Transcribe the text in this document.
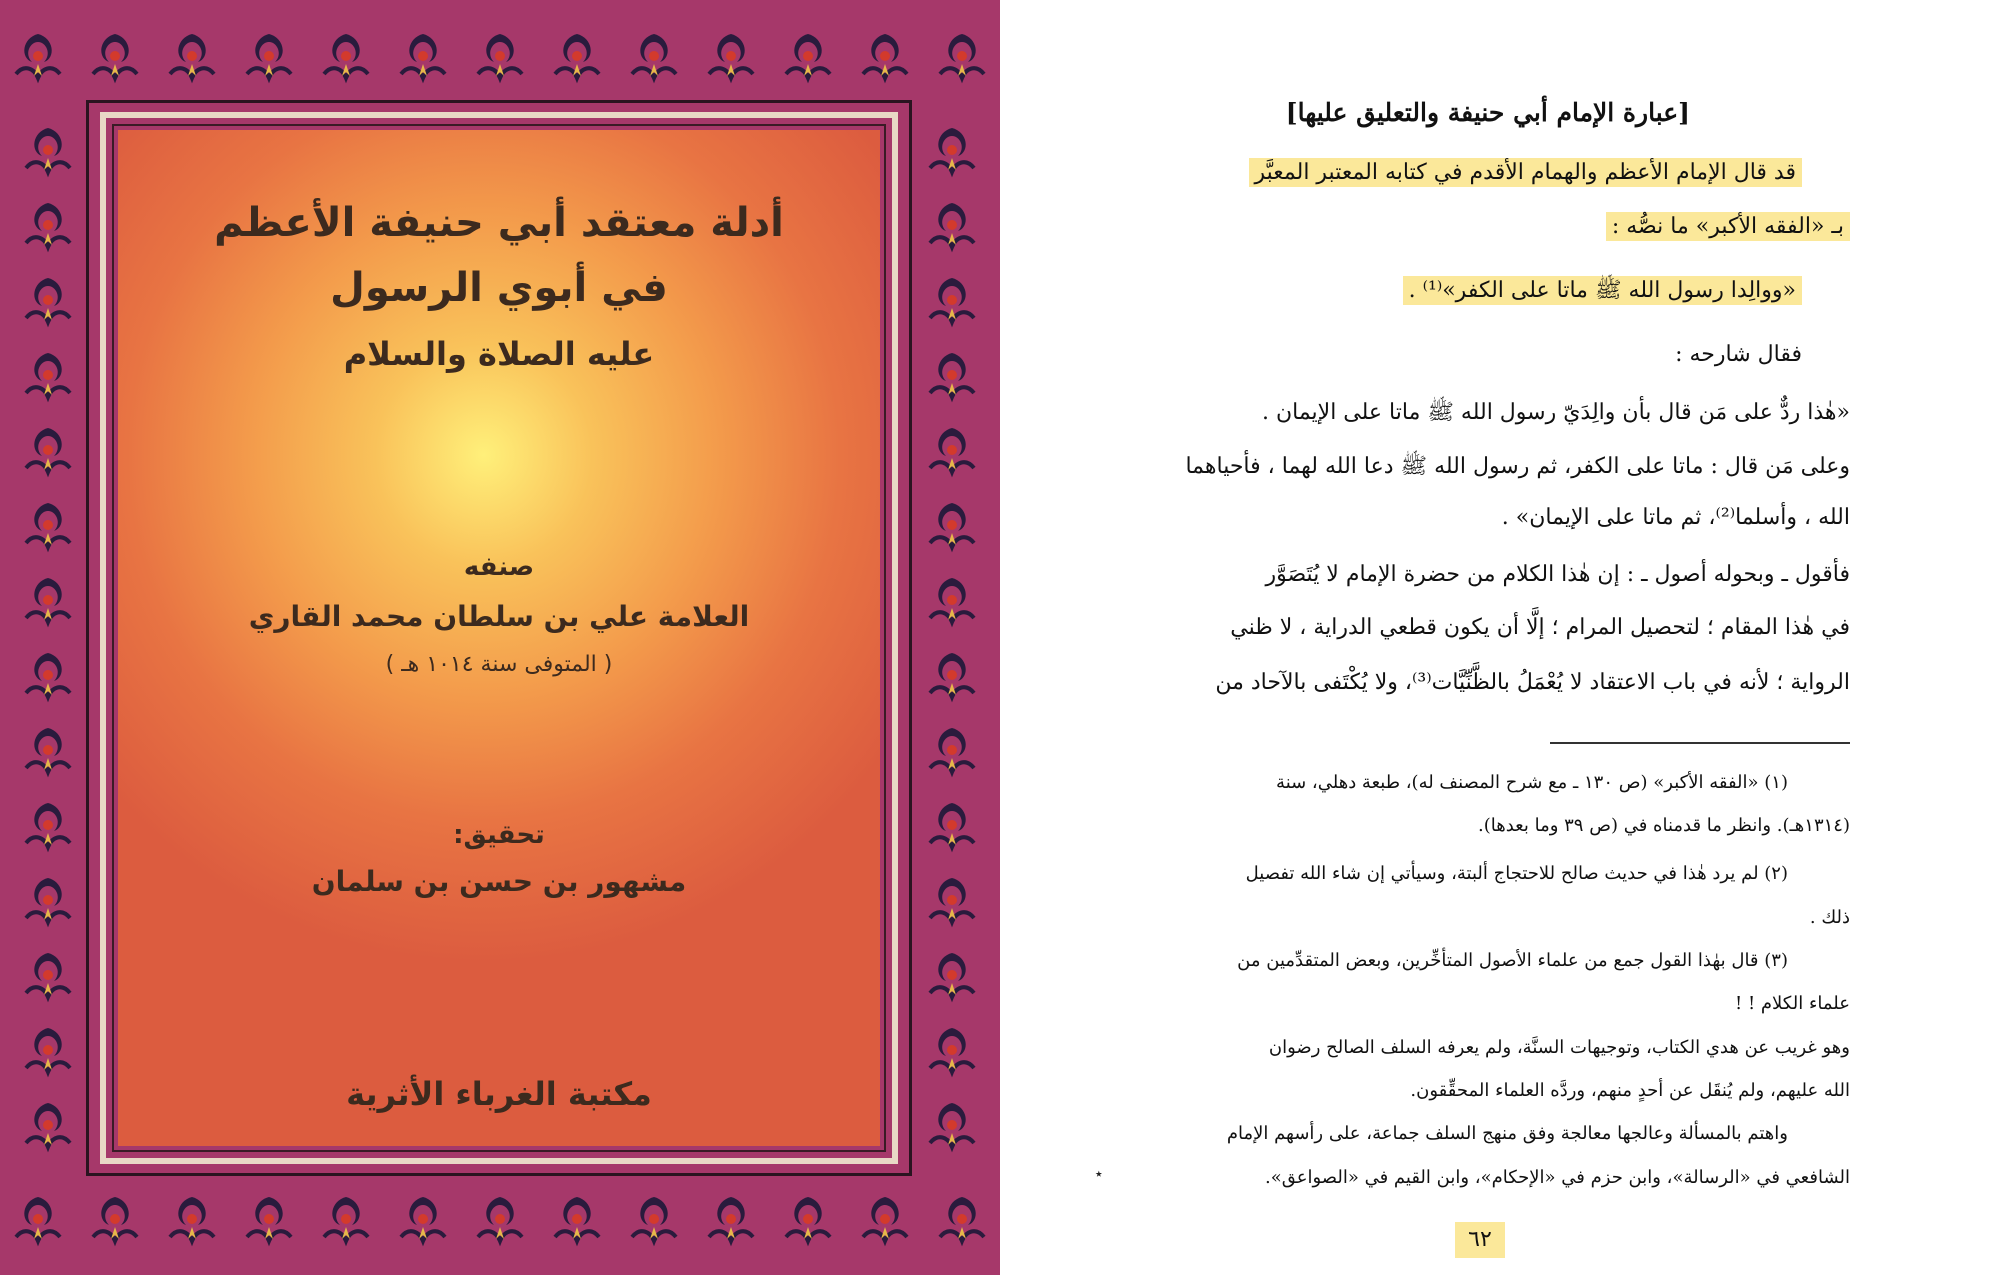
أدلة معتقد أبي حنيفة الأعظم
في أبوي الرسول
عليه الصلاة والسلام
صنفه
العلامة علي بن سلطان محمد القاري
( المتوفى سنة ١٠١٤ هـ )
تحقيق:
مشهور بن حسن بن سلمان
مكتبة الغرباء الأثرية
[عبارة الإمام أبي حنيفة والتعليق عليها]
قد قال الإمام الأعظم والهمام الأقدم في كتابه المعتبر المعبَّر
بـ «الفقه الأكبر» ما نصُّه :
«ووالِدا رسول الله ﷺ ماتا على الكفر»⁽¹⁾ .
فقال شارحه :
«هٰذا ردٌّ على مَن قال بأن والِدَيّ رسول الله ﷺ ماتا على الإيمان .
وعلى مَن قال : ماتا على الكفر، ثم رسول الله ﷺ دعا الله لهما ، فأحياهما
الله ، وأسلما⁽²⁾، ثم ماتا على الإيمان» .
فأقول ـ وبحوله أصول ـ : إن هٰذا الكلام من حضرة الإمام لا يُتَصَوَّر
في هٰذا المقام ؛ لتحصيل المرام ؛ إلَّا أن يكون قطعي الدراية ، لا ظني
الرواية ؛ لأنه في باب الاعتقاد لا يُعْمَلُ بالظَّنِّيَّات⁽³⁾، ولا يُكْتَفى بالآحاد من
(١) «الفقه الأكبر» (ص ١٣٠ ـ مع شرح المصنف له)، طبعة دهلي، سنة
(١٣١٤هـ). وانظر ما قدمناه في (ص ٣٩ وما بعدها).
(٢) لم يرد هٰذا في حديث صالح للاحتجاج ألبتة، وسيأتي إن شاء الله تفصيل
ذلك .
(٣) قال بهٰذا القول جمع من علماء الأصول المتأخِّرين، وبعض المتقدِّمين من
علماء الكلام ! !
وهو غريب عن هدي الكتاب، وتوجيهات السنَّة، ولم يعرفه السلف الصالح رضوان
الله عليهم، ولم يُنقَل عن أحدٍ منهم، وردَّه العلماء المحقِّقون.
واهتم بالمسألة وعالجها معالجة وفق منهج السلف جماعة، على رأسهم الإمام
الشافعي في «الرسالة»، وابن حزم في «الإحكام»، وابن القيم في «الصواعق».
٭
٦٢
